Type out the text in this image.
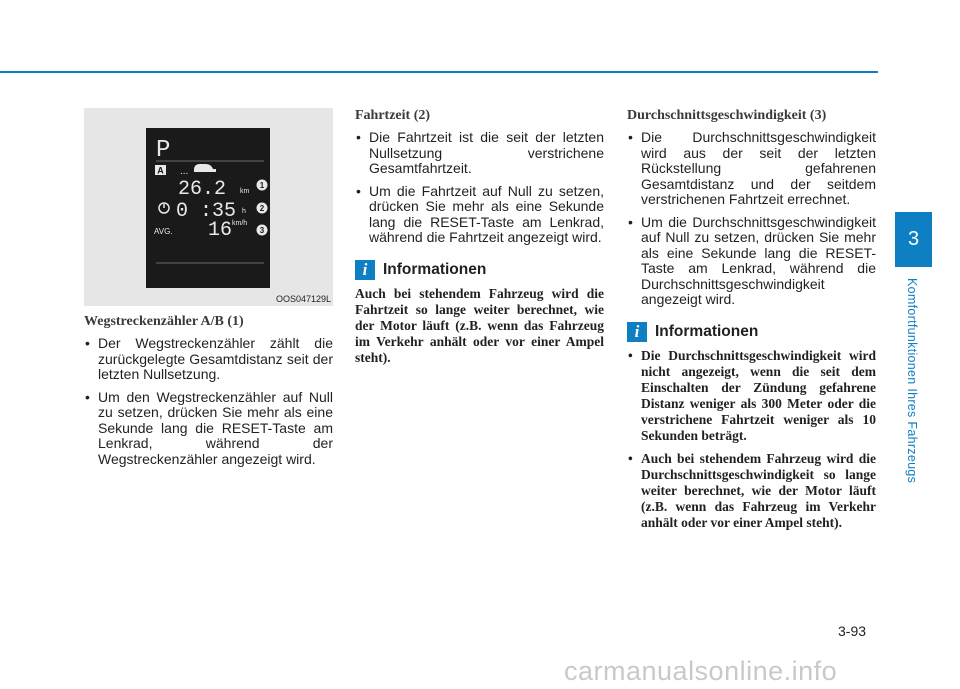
P
A ...
26.2 km
1
0 :35 h 2
AVG. 16 km/h
3
OOS047129L

Wegstreckenzähler A/B (1)

• Der Wegstreckenzähler zählt die zurückgelegte Gesamtdistanz seit der letzten Nullsetzung.
• Um den Wegstreckenzähler auf Null zu setzen, drücken Sie mehr als eine Sekunde lang die RESET-Taste am Lenkrad, während der Wegstreckenzähler angezeigt wird.

Fahrtzeit (2)

• Die Fahrtzeit ist die seit der letzten Nullsetzung verstrichene Gesamtfahrtzeit.
• Um die Fahrtzeit auf Null zu setzen, drücken Sie mehr als eine Sekunde lang die RESET-Taste am Lenkrad, während die Fahrtzeit angezeigt wird.
i	Informationen

Auch bei stehendem Fahrzeug wird die Fahrtzeit so lange weiter berechnet, wie der Motor läuft (z.B. wenn das Fahrzeug im Verkehr anhält oder vor einer Ampel steht).

Durchschnittsgeschwindigkeit (3)

• Die Durchschnittsgeschwindigkeit wird aus der seit der letzten Rückstellung gefahrenen Gesamtdistanz und der seitdem verstrichenen Fahrtzeit errechnet.
• Um die Durchschnittsgeschwindigkeit auf Null zu setzen, drücken Sie mehr als eine Sekunde lang die RESET-Taste am Lenkrad, während die Durchschnittsgeschwindigkeit angezeigt wird.
i	Informationen
• Die Durchschnittsgeschwindigkeit wird nicht angezeigt, wenn die seit dem Einschalten der Zündung gefahrene Distanz weniger als 300 Meter oder die verstrichene Fahrtzeit weniger als 10 Sekunden beträgt.
• Auch bei stehendem Fahrzeug wird die Durchschnittsgeschwindigkeit so lange weiter berechnet, wie der Motor läuft (z.B. wenn das Fahrzeug im Verkehr anhält oder vor einer Ampel steht).
3
Komfortfunktionen Ihres Fahrzeugs
3-93
carmanualsonline.info
